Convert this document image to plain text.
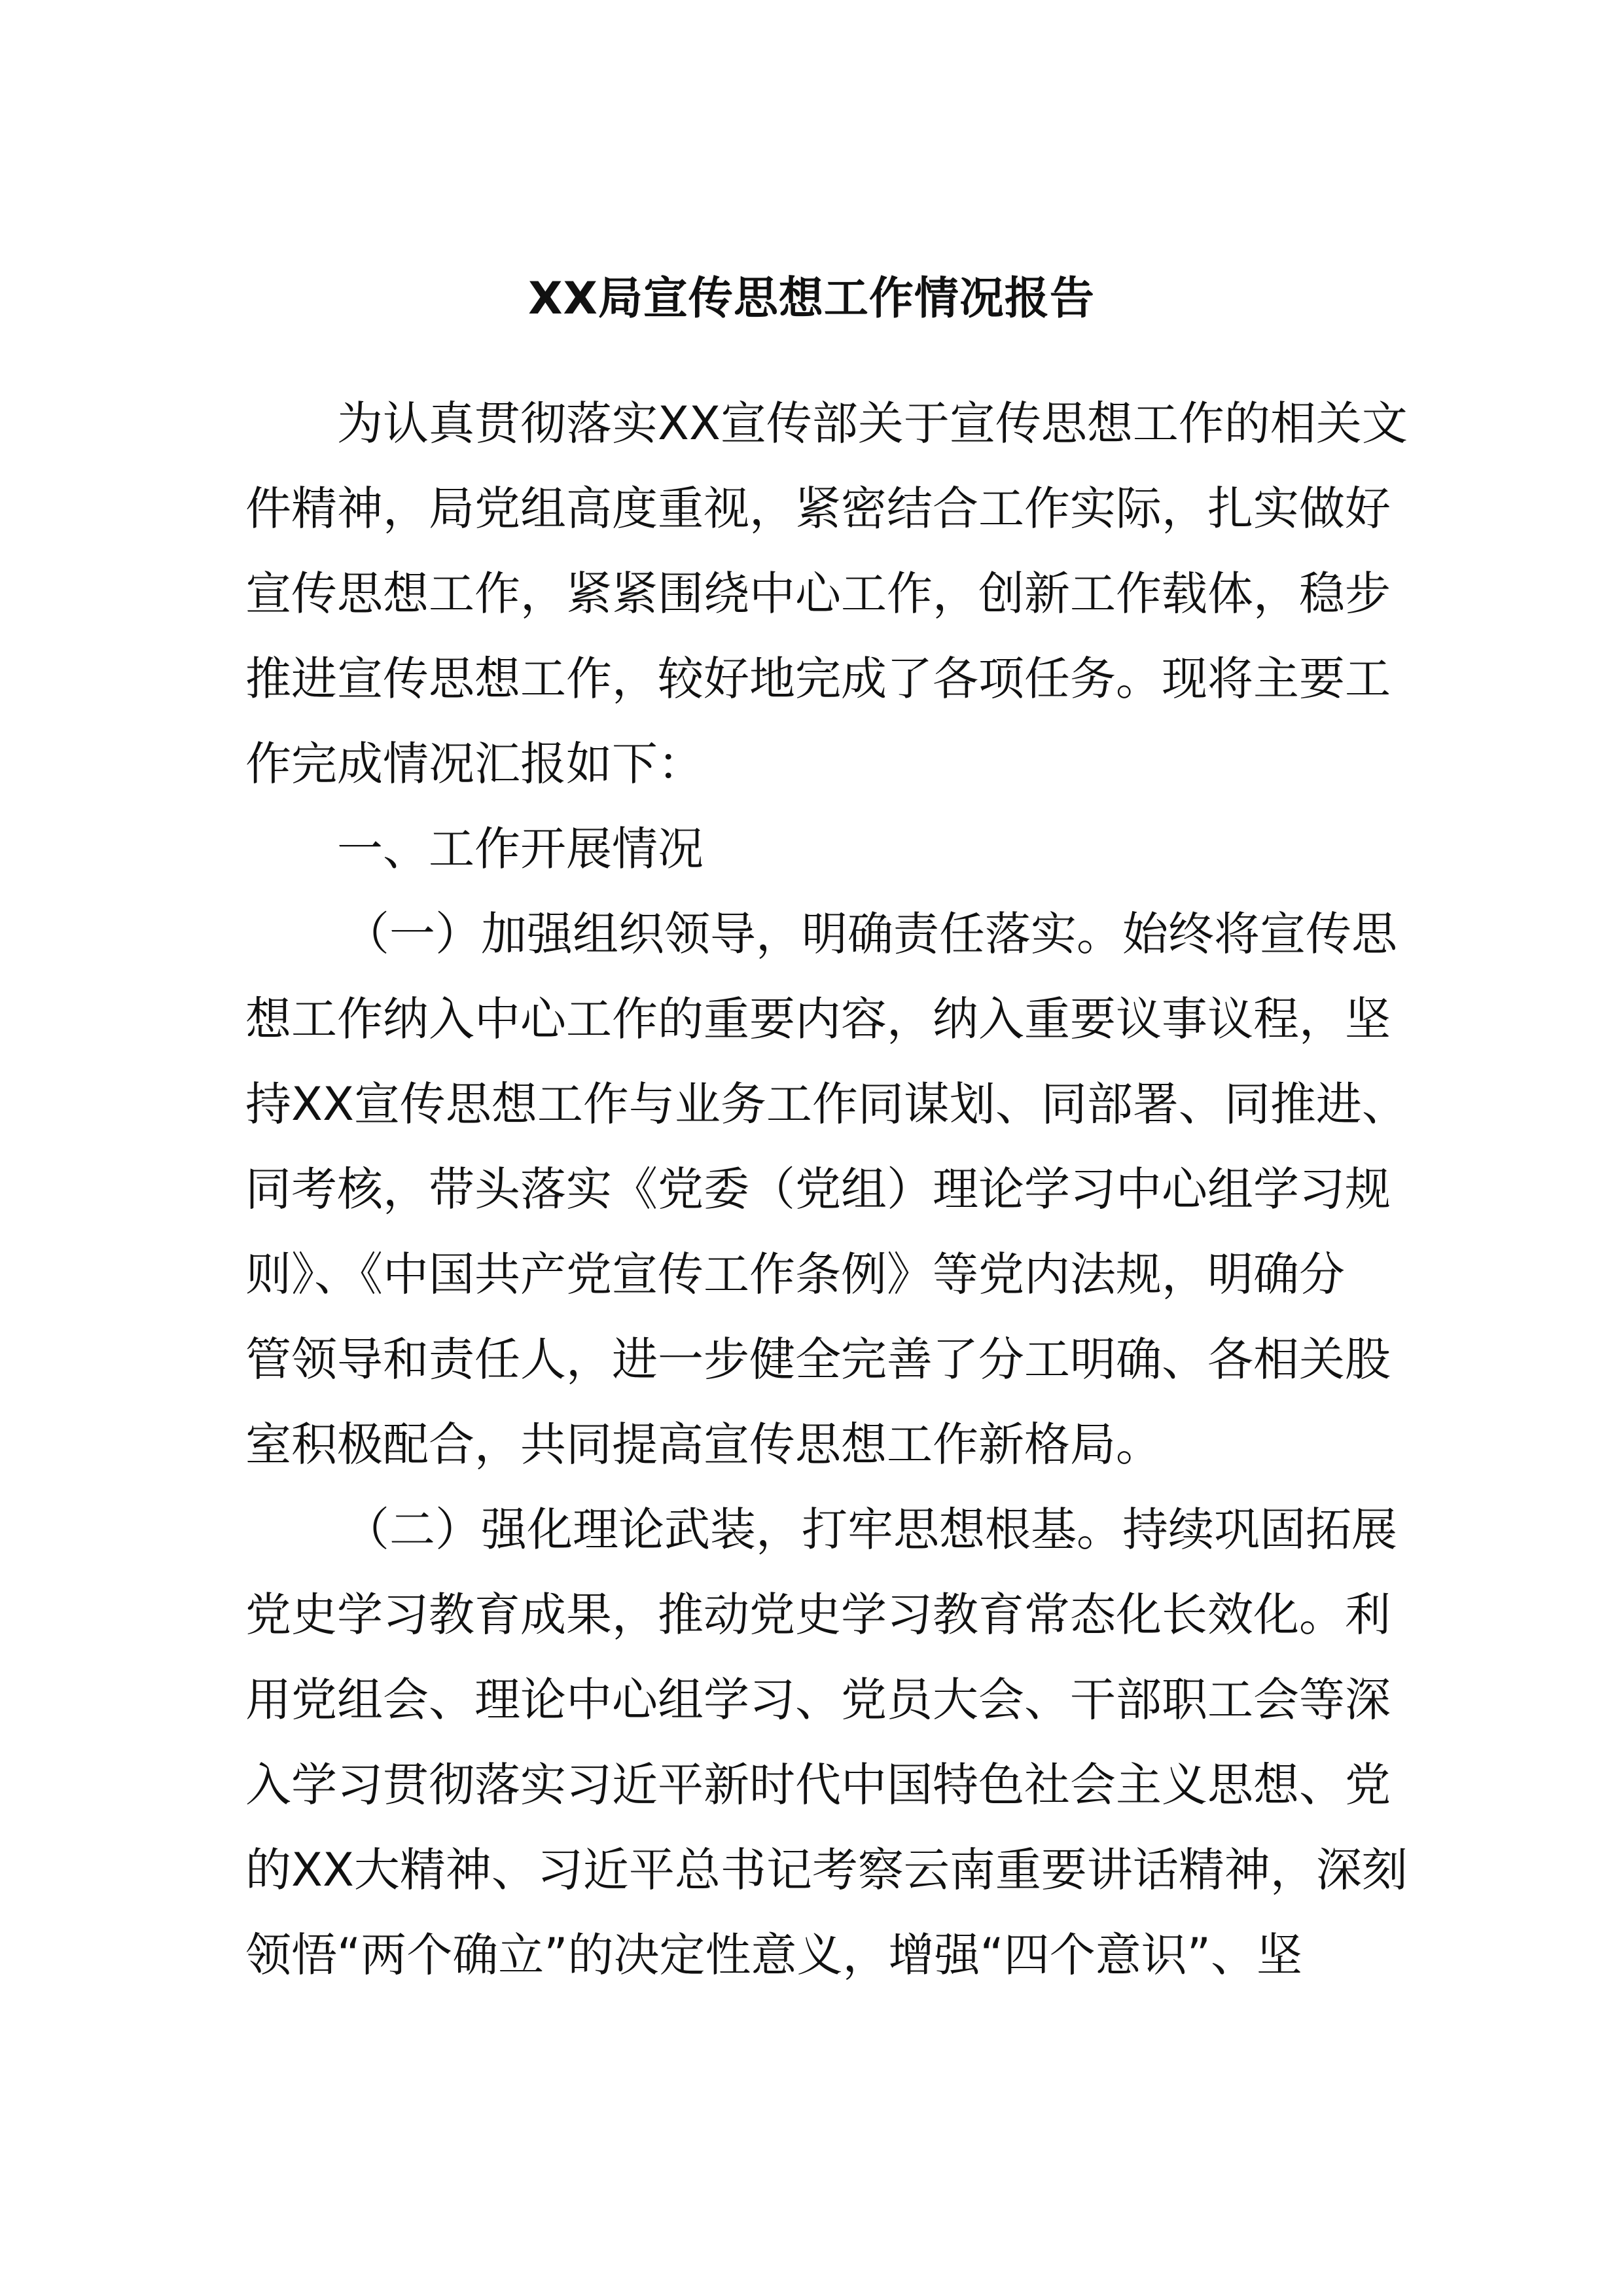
XX局宣传思想工作情况报告
为认真贯彻落实XX宣传部关于宣传思想工作的相关文
件精神，局党组高度重视，紧密结合工作实际，扎实做好
宣传思想工作，紧紧围绕中心工作，创新工作载体，稳步
推进宣传思想工作，较好地完成了各项任务。现将主要工
作完成情况汇报如下：
一、工作开展情况
（一）加强组织领导，明确责任落实。始终将宣传思
想工作纳入中心工作的重要内容，纳入重要议事议程，坚
持XX宣传思想工作与业务工作同谋划、同部署、同推进、
同考核，带头落实《党委（党组）理论学习中心组学习规
则》、《中国共产党宣传工作条例》等党内法规，明确分
管领导和责任人，进一步健全完善了分工明确、各相关股
室积极配合，共同提高宣传思想工作新格局。
（二）强化理论武装，打牢思想根基。持续巩固拓展
党史学习教育成果，推动党史学习教育常态化长效化。利
用党组会、理论中心组学习、党员大会、干部职工会等深
入学习贯彻落实习近平新时代中国特色社会主义思想、党
的XX大精神、习近平总书记考察云南重要讲话精神，深刻
领悟“两个确立”的决定性意义，增强“四个意识”、坚
